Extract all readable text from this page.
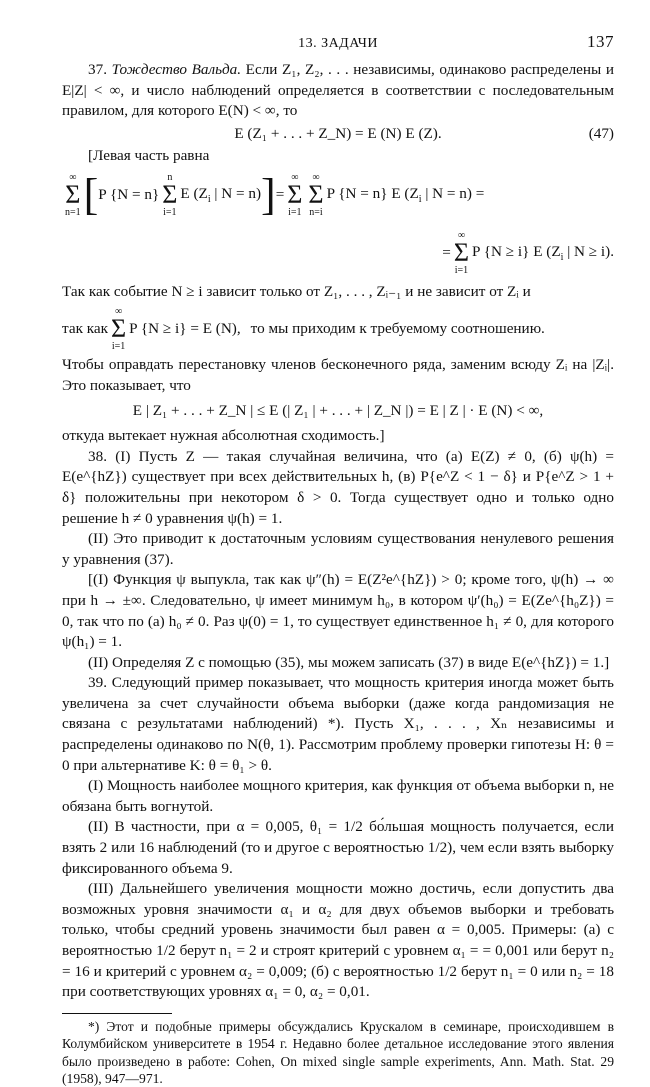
13. ЗАДАЧИ	137

37. Тождество Вальда. Если Z₁, Z₂, . . . независимы, одинаково распределены и E|Z| < ∞, и число наблюдений определяется в соответствии с последовательным правилом, для которого E(N) < ∞, то

E (Z₁ + . . . + Z_N) = E (N) E (Z).	(47)

[Левая часть равна

∞
Σ
n=1 [ P {N = n}
n
Σ
i=1
E ($Z_i$ | N = n) ] =
∞
Σ
i=1
∞
Σ
n=i
P {N = n} E ($Z_i$ | N = n) =
=
∞
Σ
i=1
P {N ≥ i} E ($Z_i$ | N ≥ i).

Так как событие N ≥ i зависит только от Z₁, . . . , Zᵢ₋₁ и не зависит от Zᵢ и

так как
∞
Σ
i=1
P {N ≥ i} = E (N), то мы приходим к требуемому соотношению.

Чтобы оправдать перестановку членов бесконечного ряда, заменим всюду Zᵢ на |Zᵢ|. Это показывает, что

E | Z₁ + . . . + Z_N | ≤ E (| Z₁ | + . . . + | Z_N |) = E | Z | · E (N) < ∞,

откуда вытекает нужная абсолютная сходимость.]

38. (I) Пусть Z — такая случайная величина, что (а) E(Z) ≠ 0, (б) ψ(h) = E(e^{hZ}) существует при всех действительных h, (в) P{e^Z < 1 − δ} и P{e^Z > 1 + δ} положительны при некотором δ > 0. Тогда существует одно и только одно решение h ≠ 0 уравнения ψ(h) = 1.

(II) Это приводит к достаточным условиям существования ненулевого решения у уравнения (37).

[(I) Функция ψ выпукла, так как ψ″(h) = E(Z²e^{hZ}) > 0; кроме того, ψ(h) → ∞ при h → ±∞. Следовательно, ψ имеет минимум h₀, в котором ψ′(h₀) = E(Ze^{h₀Z}) = 0, так что по (а) h₀ ≠ 0. Раз ψ(0) = 1, то существует единственное h₁ ≠ 0, для которого ψ(h₁) = 1.

(II) Определяя Z с помощью (35), мы можем записать (37) в виде E(e^{hZ}) = 1.]

39. Следующий пример показывает, что мощность критерия иногда может быть увеличена за счет случайности объема выборки (даже когда рандомизация не связана с результатами наблюдений) *). Пусть X₁, . . . , Xₙ независимы и распределены одинаково по N(θ, 1). Рассмотрим проблему проверки гипотезы H: θ = 0 при альтернативе K: θ = θ₁ > θ.

(I) Мощность наиболее мощного критерия, как функция от объема выборки n, не обязана быть вогнутой.

(II) В частности, при α = 0,005, θ₁ = 1/2 бо́льшая мощность получается, если взять 2 или 16 наблюдений (то и другое с вероятностью 1/2), чем если взять выборку фиксированного объема 9.

(III) Дальнейшего увеличения мощности можно достичь, если допустить два возможных уровня значимости α₁ и α₂ для двух объемов выборки и требовать только, чтобы средний уровень значимости был равен α = 0,005. Примеры: (а) с вероятностью 1/2 берут n₁ = 2 и строят критерий с уровнем α₁ = = 0,001 или берут n₂ = 16 и критерий с уровнем α₂ = 0,009; (б) с вероятностью 1/2 берут n₁ = 0 или n₂ = 18 при соответствующих уровнях α₁ = 0, α₂ = 0,01.

*) Этот и подобные примеры обсуждались Крускалом в семинаре, происходившем в Колумбийском университете в 1954 г. Недавно более детальное исследование этого явления было произведено в работе: Cohen, On mixed single sample experiments, Ann. Math. Stat. 29 (1958), 947—971.
